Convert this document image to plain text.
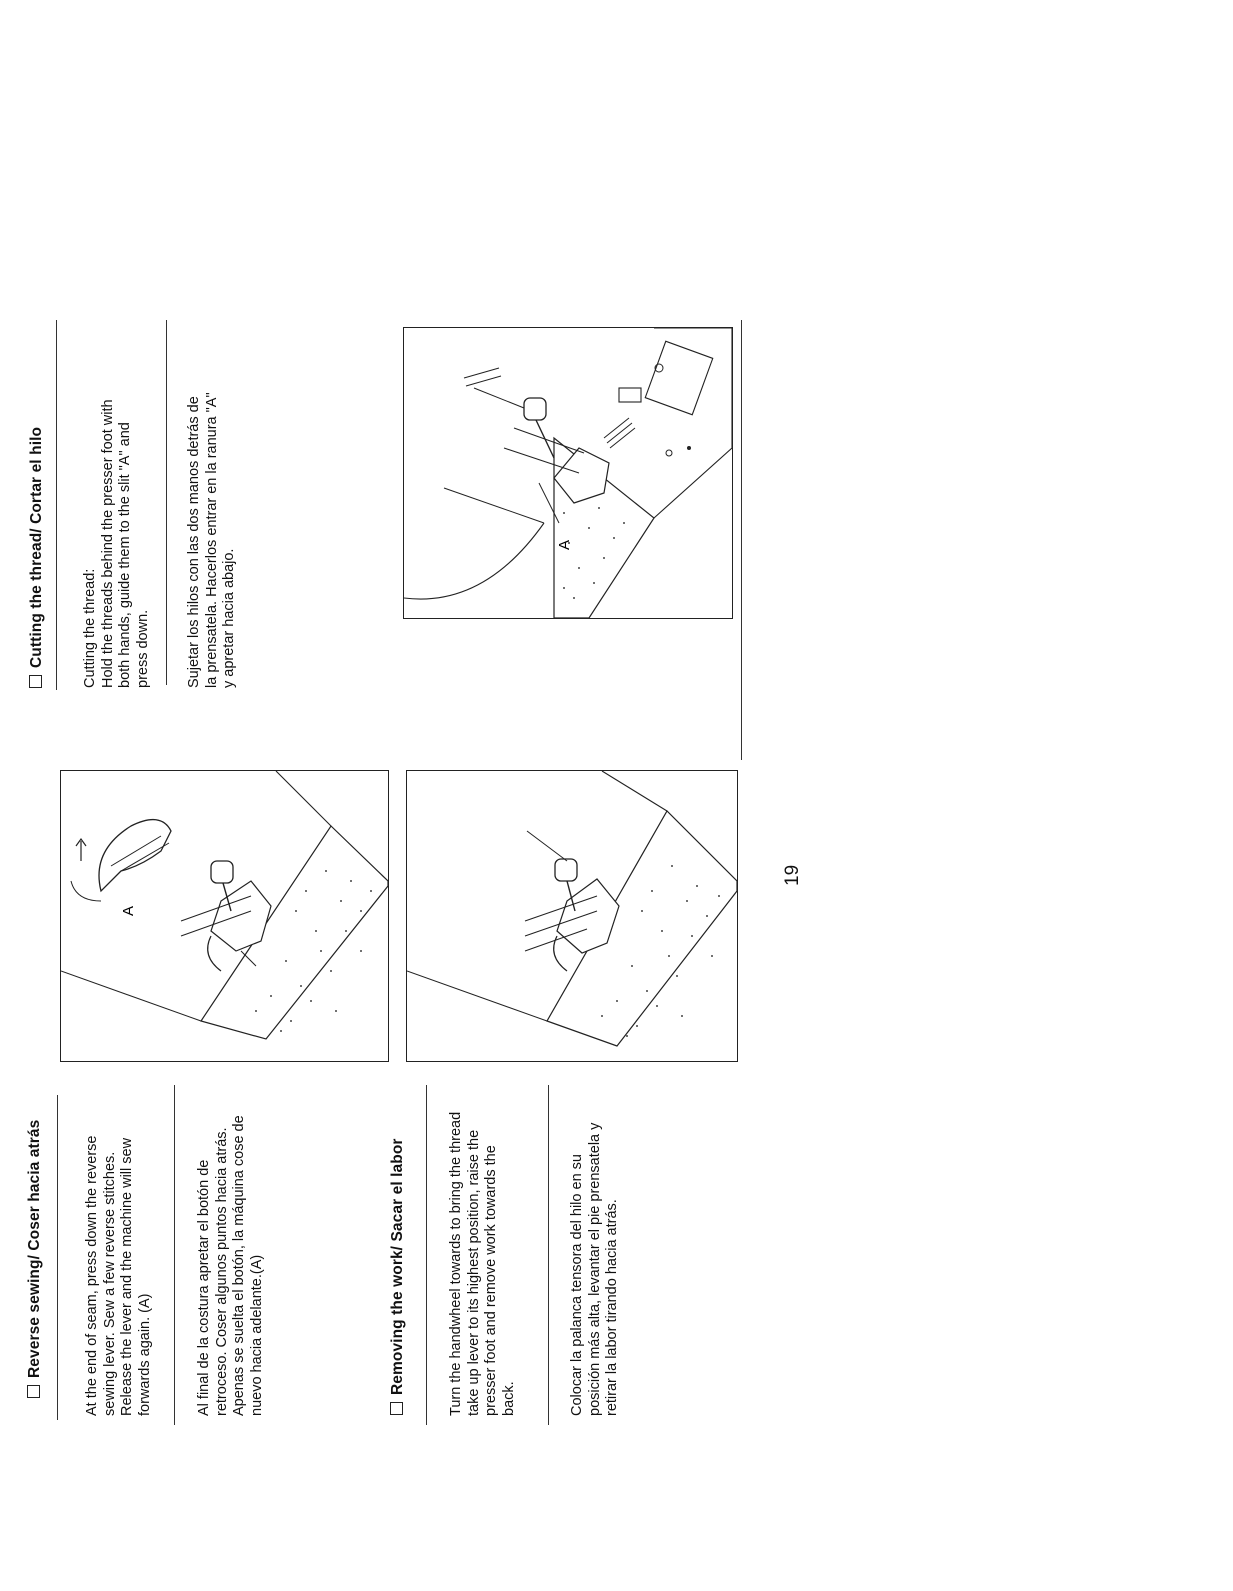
Reverse sewing/ Coser hacia atrás	At the end of seam, press down the reverse sewing lever. Sew a few reverse stitches. Release the lever and the machine will sew forwards again. (A)	Al final de la costura apretar el botón de retroceso. Coser algunos puntos hacia atrás. Apenas se suelta el botón, la máquina cose de nuevo hacia adelante.(A)	Removing the work/ Sacar el labor	Turn the handwheel towards to bring the thread take up lever to its highest position, raise the presser foot and remove work towards the back.	Colocar la palanca tensora del hilo en su posición más alta, levantar el pie prensatela y retirar la labor tirando hacia atrás.
A
Cutting the thread/ Cortar el hilo	Cutting the thread: Hold the threads behind the presser foot with both hands, guide them to the slit "A" and press down. Sujetar los hilos con las dos manos detrás de la prensatela. Hacerlos entrar en la ranura "A" y apretar hacia abajo.
A
19
